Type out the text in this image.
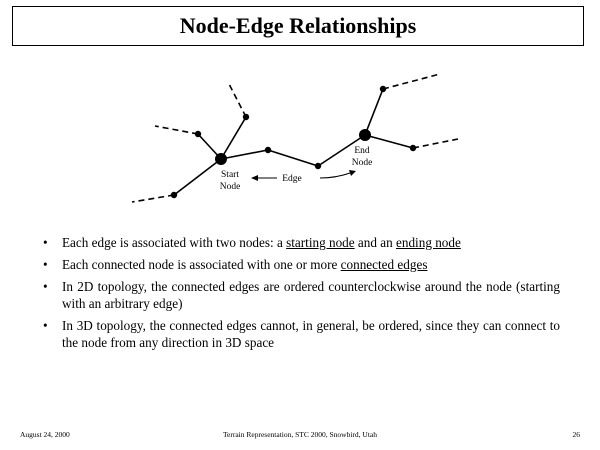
Node-Edge Relationships
Start
Node
End
Node
Edge
• Each edge is associated with two nodes: a starting node and an ending node
• Each connected node is associated with one or more connected edges
• In 2D topology, the connected edges are ordered counterclockwise around the node (starting with an arbitrary edge)
• In 3D topology, the connected edges cannot, in general, be ordered, since they can connect to the node from any direction in 3D space
Terrain Representation, STC 2000, Snowbird, Utah
August 24, 2000	26
